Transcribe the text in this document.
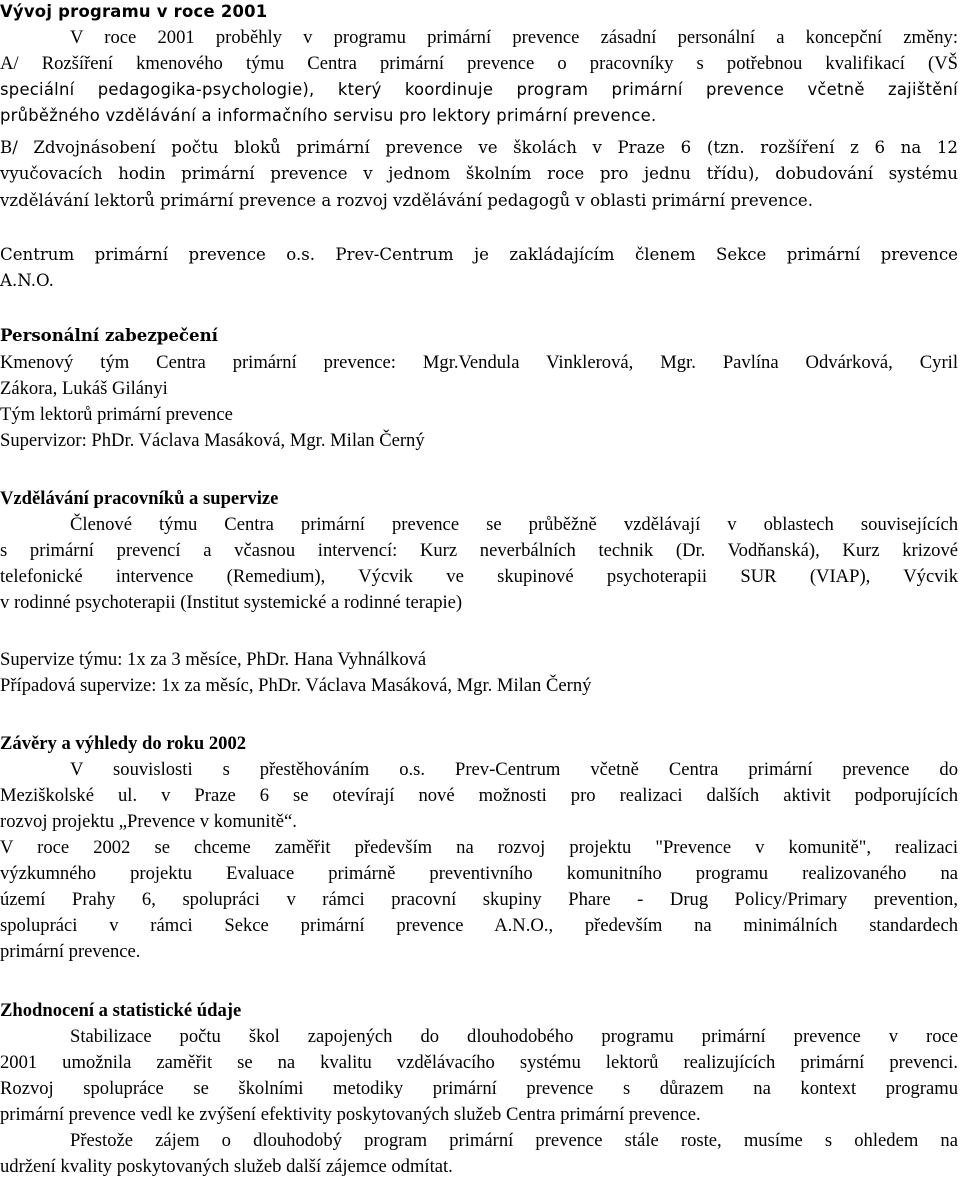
Vývoj programu v roce 2001
V roce 2001 proběhly v programu primární prevence zásadní personální a koncepční změny:
A/ Rozšíření kmenového týmu Centra primární prevence o pracovníky s potřebnou kvalifikací (VŠ
speciální pedagogika-psychologie), který koordinuje program primární prevence včetně zajištění
průběžného vzdělávání a informačního servisu pro lektory primární prevence.
B/ Zdvojnásobení počtu bloků primární prevence ve školách v Praze 6 (tzn. rozšíření z 6 na 12
vyučovacích hodin primární prevence v jednom školním roce pro jednu třídu), dobudování systému
vzdělávání lektorů primární prevence a rozvoj vzdělávání pedagogů v oblasti primární prevence.
Centrum primární prevence o.s. Prev-Centrum je zakládajícím členem Sekce primární prevence
A.N.O.
Personální zabezpečení
Kmenový tým Centra primární prevence: Mgr.Vendula Vinklerová, Mgr. Pavlína Odvárková, Cyril
Zákora, Lukáš Gilányi
Tým lektorů primární prevence
Supervizor: PhDr. Václava Masáková, Mgr. Milan Černý
Vzdělávání pracovníků a supervize
Členové týmu Centra primární prevence se průběžně vzdělávají v oblastech souvisejících
s primární prevencí a včasnou intervencí: Kurz neverbálních technik (Dr. Vodňanská), Kurz krizové
telefonické intervence (Remedium), Výcvik ve skupinové psychoterapii SUR (VIAP), Výcvik
v rodinné psychoterapii (Institut systemické a rodinné terapie)
Supervize týmu: 1x za 3 měsíce, PhDr. Hana Vyhnálková
Případová supervize: 1x za měsíc, PhDr. Václava Masáková, Mgr. Milan Černý
Závěry a výhledy do roku 2002
V souvislosti s přestěhováním o.s. Prev-Centrum včetně Centra primární prevence do
Meziškolské ul. v Praze 6 se otevírají nové možnosti pro realizaci dalších aktivit podporujících
rozvoj projektu „Prevence v komunitě“.
V roce 2002 se chceme zaměřit především na rozvoj projektu "Prevence v komunitě", realizaci
výzkumného projektu Evaluace primárně preventivního komunitního programu realizovaného na
území Prahy 6, spolupráci v rámci pracovní skupiny Phare - Drug Policy/Primary prevention,
spolupráci v rámci Sekce primární prevence A.N.O., především na minimálních standardech
primární prevence.
Zhodnocení a statistické údaje
Stabilizace počtu škol zapojených do dlouhodobého programu primární prevence v roce
2001 umožnila zaměřit se na kvalitu vzdělávacího systému lektorů realizujících primární prevenci.
Rozvoj spolupráce se školními metodiky primární prevence s důrazem na kontext programu
primární prevence vedl ke zvýšení efektivity poskytovaných služeb Centra primární prevence.
Přestože zájem o dlouhodobý program primární prevence stále roste, musíme s ohledem na
udržení kvality poskytovaných služeb další zájemce odmítat.
